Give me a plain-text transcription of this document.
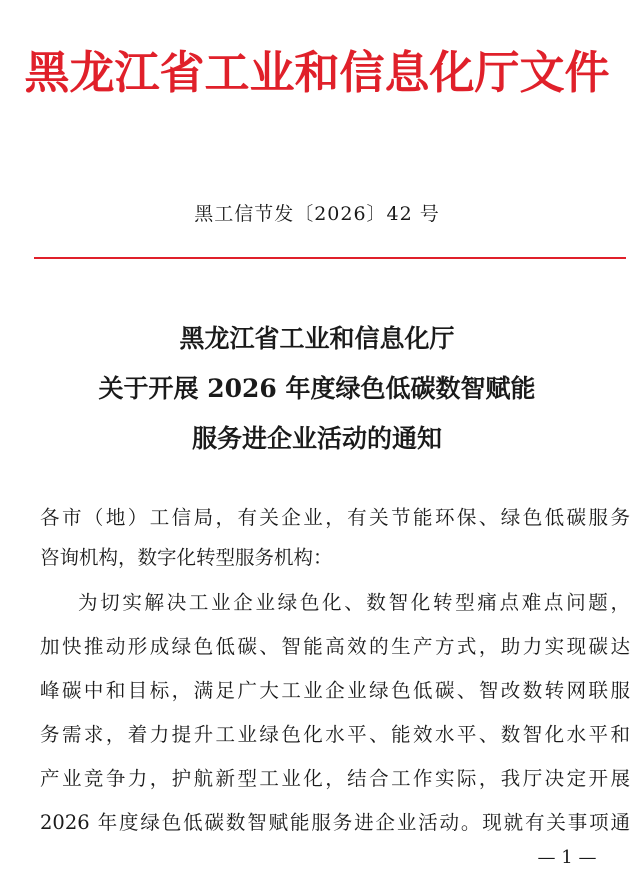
黑龙江省工业和信息化厅文件
黑工信节发〔2026〕42 号
黑龙江省工业和信息化厅
关于开展 2026 年度绿色低碳数智赋能
服务进企业活动的通知
各市（地）工信局，有关企业，有关节能环保、绿色低碳服务
咨询机构，数字化转型服务机构：
为切实解决工业企业绿色化、数智化转型痛点难点问题，
加快推动形成绿色低碳、智能高效的生产方式，助力实现碳达
峰碳中和目标，满足广大工业企业绿色低碳、智改数转网联服
务需求，着力提升工业绿色化水平、能效水平、数智化水平和
产业竞争力，护航新型工业化，结合工作实际，我厅决定开展
2026 年度绿色低碳数智赋能服务进企业活动。现就有关事项通
— 1 —
